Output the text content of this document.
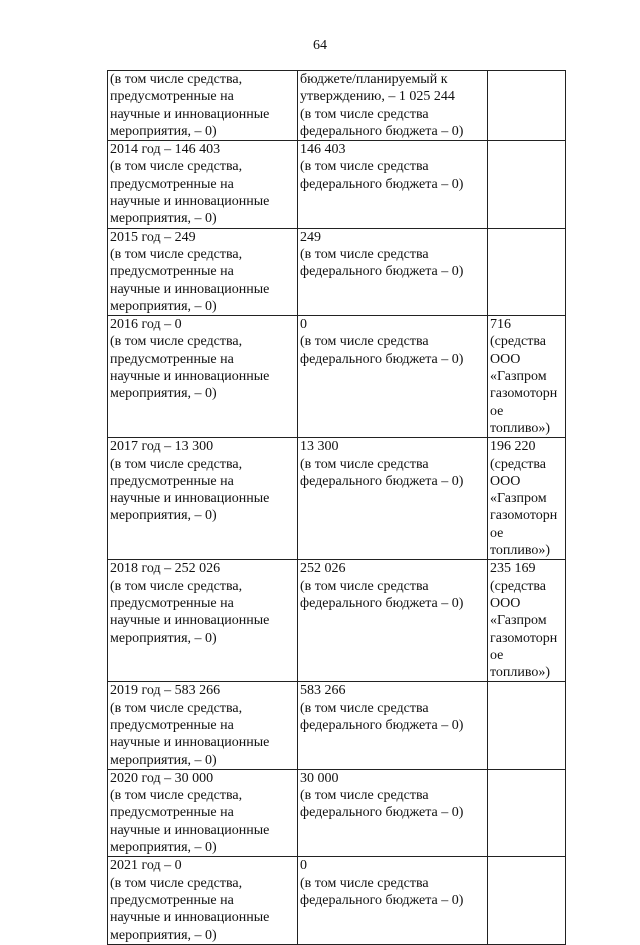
64
(в том числе средства,
предусмотренные на
научные и инновационные
мероприятия, – 0)	бюджете/планируемый к
утверждению, – 1 025 244
(в том числе средства
федерального бюджета – 0)	

2014 год – 146 403
(в том числе средства,
предусмотренные на
научные и инновационные
мероприятия, – 0)	146 403
(в том числе средства
федерального бюджета – 0)	

2015 год – 249
(в том числе средства,
предусмотренные на
научные и инновационные
мероприятия, – 0)	249
(в том числе средства
федерального бюджета – 0)	

2016 год – 0
(в том числе средства,
предусмотренные на
научные и инновационные
мероприятия, – 0)	0
(в том числе средства
федерального бюджета – 0)	716
(средства ООО
«Газпром
газомоторное
топливо»)

2017 год – 13 300
(в том числе средства,
предусмотренные на
научные и инновационные
мероприятия, – 0)	13 300
(в том числе средства
федерального бюджета – 0)	196 220
(средства ООО
«Газпром
газомоторное
топливо»)

2018 год – 252 026
(в том числе средства,
предусмотренные на
научные и инновационные
мероприятия, – 0)	252 026
(в том числе средства
федерального бюджета – 0)	235 169
(средства ООО
«Газпром
газомоторное
топливо»)

2019 год – 583 266
(в том числе средства,
предусмотренные на
научные и инновационные
мероприятия, – 0)	583 266
(в том числе средства
федерального бюджета – 0)	

2020 год – 30 000
(в том числе средства,
предусмотренные на
научные и инновационные
мероприятия, – 0)	30 000
(в том числе средства
федерального бюджета – 0)	

2021 год – 0
(в том числе средства,
предусмотренные на
научные и инновационные
мероприятия, – 0)	0
(в том числе средства
федерального бюджета – 0)	
